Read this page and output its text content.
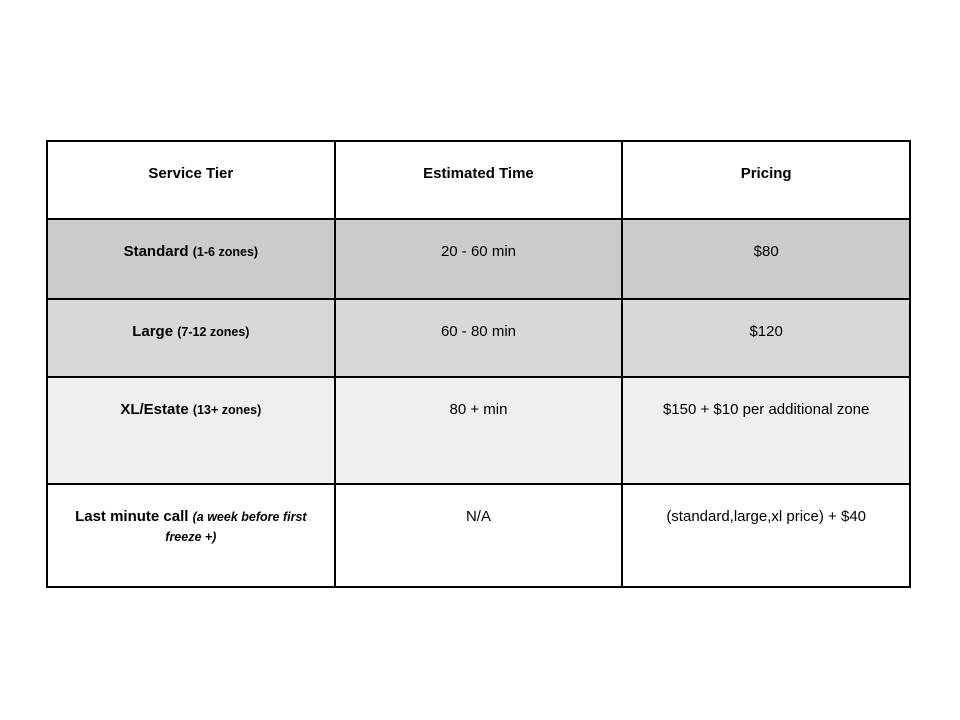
Service Tier	Estimated Time	Pricing
Standard (1-6 zones)	20 - 60 min	$80
Large (7-12 zones)	60 - 80 min	$120
XL/Estate (13+ zones)	80 + min	$150 + $10 per additional zone
Last minute call (a week before first freeze +)	N/A	(standard,large,xl price) + $40
